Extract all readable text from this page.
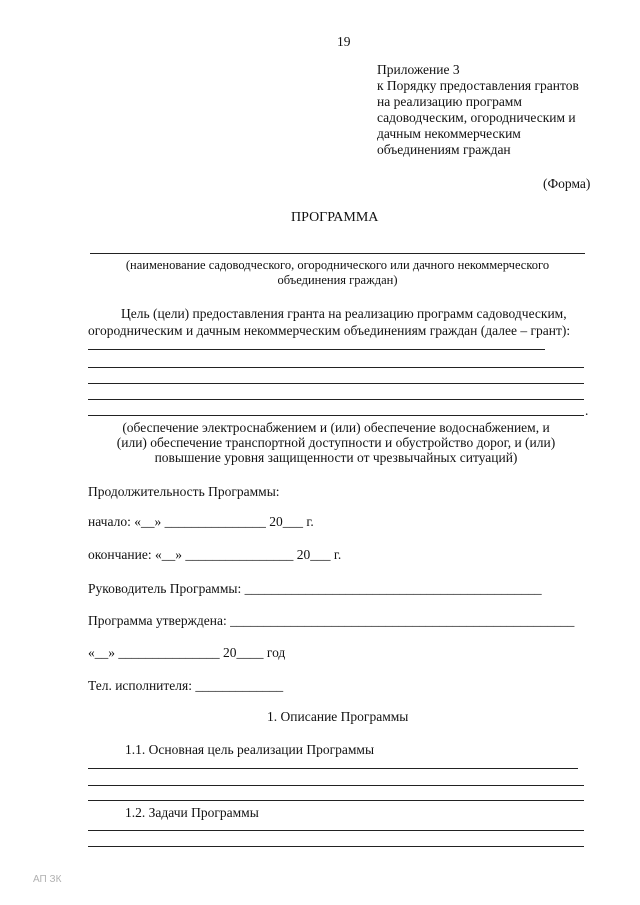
19
Приложение 3
к Порядку предоставления грантов
на реализацию программ
садоводческим, огородническим и
дачным некоммерческим
объединениям граждан
(Форма)
ПРОГРАММА
(наименование садоводческого, огороднического или дачного некоммерческого
объединения граждан)
Цель (цели) предоставления гранта на реализацию программ садоводческим,
огородническим и дачным некоммерческим объединениям граждан (далее – грант):
.
(обеспечение электроснабжением и (или) обеспечение водоснабжением, и
(или) обеспечение транспортной доступности и обустройство дорог, и (или)
повышение уровня защищенности от чрезвычайных ситуаций)
Продолжительность Программы:
начало: «__» _______________ 20___ г.
окончание: «__» ________________ 20___ г.
Руководитель Программы: ____________________________________________
Программа утверждена: ___________________________________________________
«__» _______________ 20____ год
Тел. исполнителя: _____________
1. Описание Программы
1.1. Основная цель реализации Программы
1.2. Задачи Программы
АП ЗК
